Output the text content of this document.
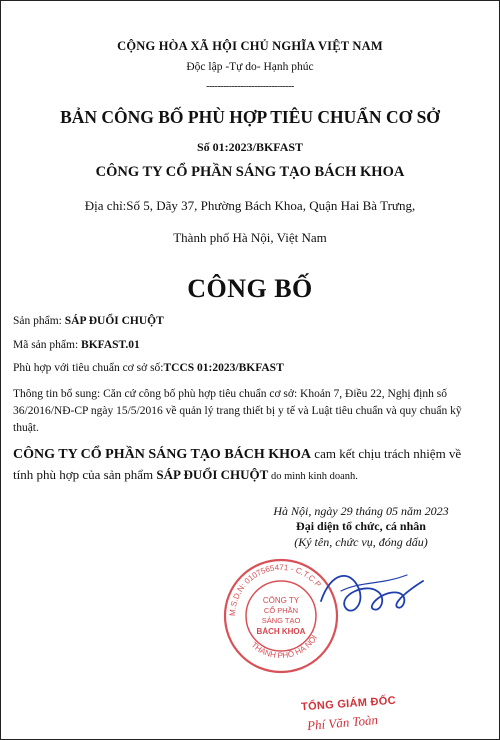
CỘNG HÒA XÃ HỘI CHỦ NGHĨA VIỆT NAM
Độc lập -Tự do- Hạnh phúc
-------------------------------
BẢN CÔNG BỐ PHÙ HỢP TIÊU CHUẨN CƠ SỞ
Số 01:2023/BKFAST
CÔNG TY CỔ PHẦN SÁNG TẠO BÁCH KHOA
Địa chỉ:Số 5, Dãy 37, Phường Bách Khoa, Quận Hai Bà Trưng,
Thành phố Hà Nội, Việt Nam
CÔNG BỐ
Sản phẩm: SÁP ĐUỔI CHUỘT
Mã sản phẩm: BKFAST.01
Phù hợp với tiêu chuẩn cơ sở số:TCCS 01:2023/BKFAST
Thông tin bổ sung: Căn cứ công bố phù hợp tiêu chuẩn cơ sở: Khoản 7, Điều 22, Nghị định số 36/2016/NĐ-CP ngày 15/5/2016 về quản lý trang thiết bị y tế và Luật tiêu chuẩn và quy chuẩn kỹ thuật.
CÔNG TY CỔ PHẦN SÁNG TẠO BÁCH KHOA cam kết chịu trách nhiệm về tính phù hợp của sản phẩm SÁP ĐUỔI CHUỘT do mình kinh doanh.
Hà Nội, ngày 29 tháng 05 năm 2023
Đại diện tổ chức, cá nhân
(Ký tên, chức vụ, đóng dấu)
M.S.D.N: 0107565471 - C.T.C.P
THÀNH PHỐ HÀ NỘI
CÔNG TY
CỔ PHẦN
SÁNG TẠO
BÁCH KHOA
TỔNG GIÁM ĐỐC
Phí Văn Toàn
